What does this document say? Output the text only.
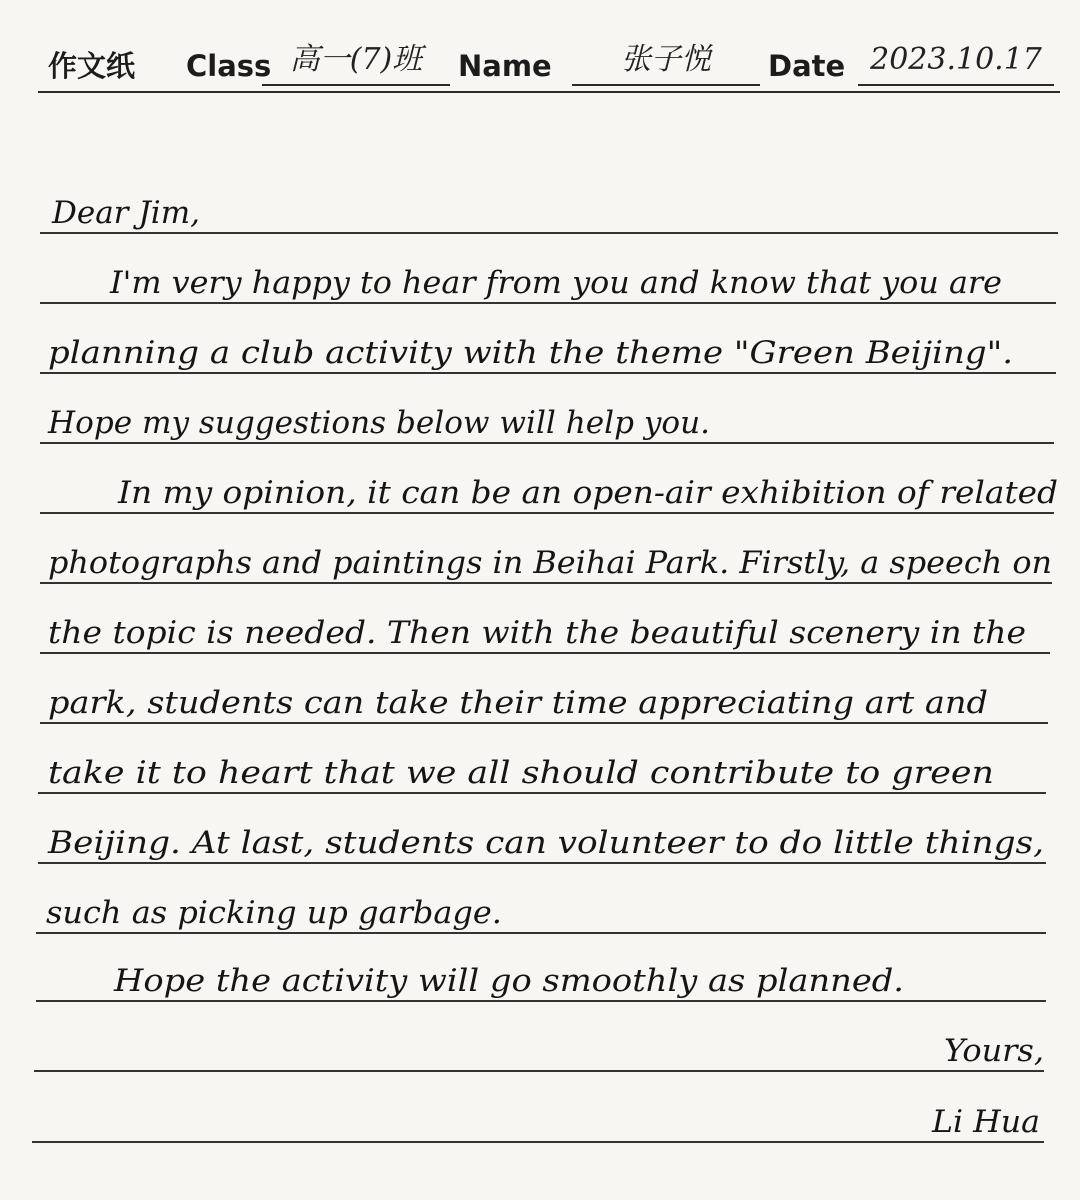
作文纸 Class 高一(7)班	Name	张子悦	Date 2023.10.17
Dear Jim,
I'm very happy to hear from you and know that you are
planning a club activity with the theme "Green Beijing".
Hope my suggestions below will help you.
In my opinion, it can be an open-air exhibition of related
photographs and paintings in Beihai Park. Firstly, a speech on
the topic is needed. Then with the beautiful scenery in the
park, students can take their time appreciating art and
take it to heart that we all should contribute to green
Beijing. At last, students can volunteer to do little things,
such as picking up garbage.
Hope the activity will go smoothly as planned.
Yours,
Li Hua
